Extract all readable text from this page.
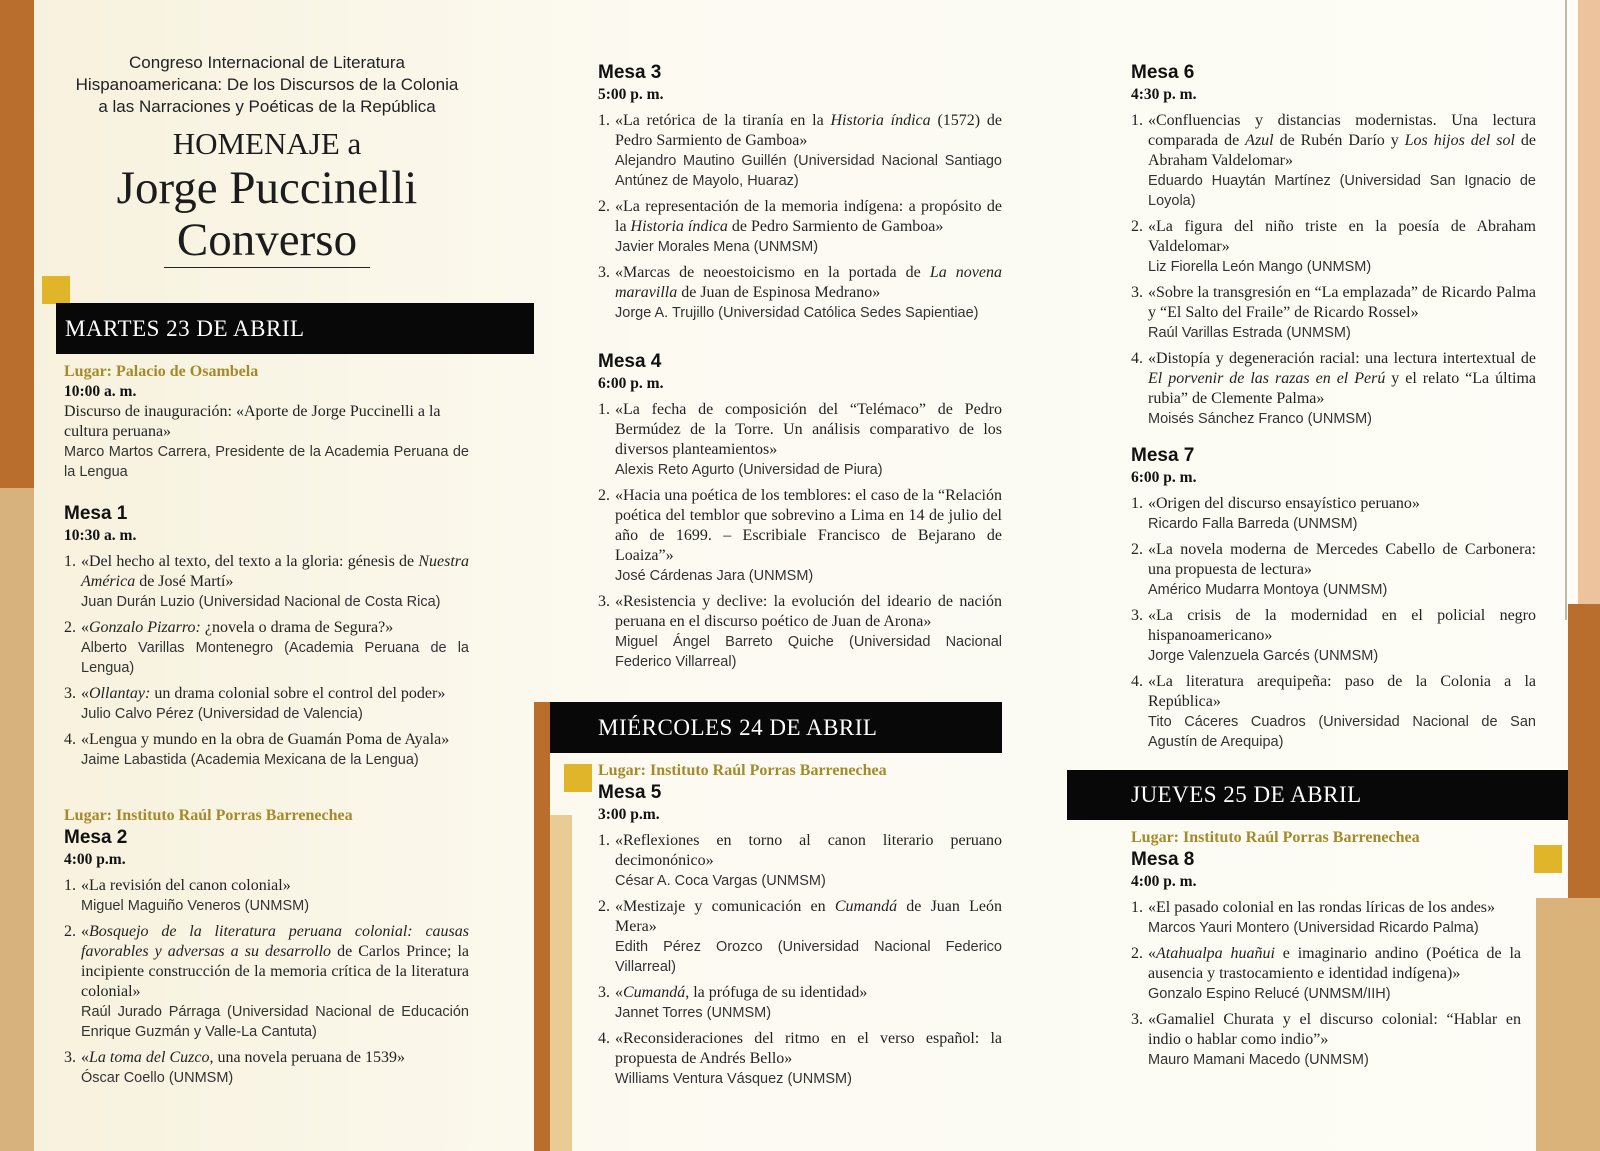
Congreso Internacional de Literatura
Hispanoamericana: De los Discursos de la Colonia
a las Narraciones y Poéticas de la República
HOMENAJE a
Jorge Puccinelli
Converso
MARTES 23 DE ABRIL
MIÉRCOLES 24 DE ABRIL
JUEVES 25 DE ABRIL
Lugar: Palacio de Osambela
10:00 a. m.
Discurso de inauguración: «Aporte de Jorge Puccinelli a la cultura peruana»
Marco Martos Carrera, Presidente de la Academia Peruana de la Lengua
Mesa 1
10:30 a. m.
1. «Del hecho al texto, del texto a la gloria: génesis de Nuestra América de José Martí»
Juan Durán Luzio (Universidad Nacional de Costa Rica)
2. «Gonzalo Pizarro: ¿novela o drama de Segura?»
Alberto Varillas Montenegro (Academia Peruana de la Lengua)
3. «Ollantay: un drama colonial sobre el control del poder»
Julio Calvo Pérez (Universidad de Valencia)
4. «Lengua y mundo en la obra de Guamán Poma de Ayala»
Jaime Labastida (Academia Mexicana de la Lengua)
Lugar: Instituto Raúl Porras Barrenechea
Mesa 2
4:00 p.m.
1. «La revisión del canon colonial»
Miguel Maguiño Veneros (UNMSM)
2. «Bosquejo de la literatura peruana colonial: causas favorables y adversas a su desarrollo de Carlos Prince; la incipiente construcción de la memoria crítica de la literatura colonial»
Raúl Jurado Párraga (Universidad Nacional de Educación Enrique Guzmán y Valle-La Cantuta)
3. «La toma del Cuzco, una novela peruana de 1539»
Óscar Coello (UNMSM)
Mesa 3
5:00 p. m.
1. «La retórica de la tiranía en la Historia índica (1572) de Pedro Sarmiento de Gamboa»
Alejandro Mautino Guillén (Universidad Nacional Santiago Antúnez de Mayolo, Huaraz)
2. «La representación de la memoria indígena: a propósito de la Historia índica de Pedro Sarmiento de Gamboa»
Javier Morales Mena (UNMSM)
3. «Marcas de neoestoicismo en la portada de La novena maravilla de Juan de Espinosa Medrano»
Jorge A. Trujillo (Universidad Católica Sedes Sapientiae)
Mesa 4
6:00 p. m.
1. «La fecha de composición del “Telémaco” de Pedro Bermúdez de la Torre. Un análisis comparativo de los diversos planteamientos»
Alexis Reto Agurto (Universidad de Piura)
2. «Hacia una poética de los temblores: el caso de la “Relación poética del temblor que sobrevino a Lima en 14 de julio del año de 1699. – Escribiale Francisco de Bejarano de Loaiza”»
José Cárdenas Jara (UNMSM)
3. «Resistencia y declive: la evolución del ideario de nación peruana en el discurso poético de Juan de Arona»
Miguel Ángel Barreto Quiche (Universidad Nacional Federico Villarreal)
Lugar: Instituto Raúl Porras Barrenechea
Mesa 5
3:00 p.m.
1. «Reflexiones en torno al canon literario peruano decimonónico»
César A. Coca Vargas (UNMSM)
2. «Mestizaje y comunicación en Cumandá de Juan León Mera»
Edith Pérez Orozco (Universidad Nacional Federico Villarreal)
3. «Cumandá, la prófuga de su identidad»
Jannet Torres (UNMSM)
4. «Reconsideraciones del ritmo en el verso español: la propuesta de Andrés Bello»
Williams Ventura Vásquez (UNMSM)
Mesa 6
4:30 p. m.
1. «Confluencias y distancias modernistas. Una lectura comparada de Azul de Rubén Darío y Los hijos del sol de Abraham Valdelomar»
Eduardo Huaytán Martínez (Universidad San Ignacio de Loyola)
2. «La figura del niño triste en la poesía de Abraham Valdelomar»
Liz Fiorella León Mango (UNMSM)
3. «Sobre la transgresión en “La emplazada” de Ricardo Palma y “El Salto del Fraile” de Ricardo Rossel»
Raúl Varillas Estrada (UNMSM)
4. «Distopía y degeneración racial: una lectura intertextual de El porvenir de las razas en el Perú y el relato “La última rubia” de Clemente Palma»
Moisés Sánchez Franco (UNMSM)
Mesa 7
6:00 p. m.
1. «Origen del discurso ensayístico peruano»
Ricardo Falla Barreda (UNMSM)
2. «La novela moderna de Mercedes Cabello de Carbonera: una propuesta de lectura»
Américo Mudarra Montoya (UNMSM)
3. «La crisis de la modernidad en el policial negro hispanoamericano»
Jorge Valenzuela Garcés (UNMSM)
4. «La literatura arequipeña: paso de la Colonia a la República»
Tito Cáceres Cuadros (Universidad Nacional de San Agustín de Arequipa)
Lugar: Instituto Raúl Porras Barrenechea
Mesa 8
4:00 p. m.
1. «El pasado colonial en las rondas líricas de los andes»
Marcos Yauri Montero (Universidad Ricardo Palma)
2. «Atahualpa huañui e imaginario andino (Poética de la ausencia y trastocamiento e identidad indígena)»
Gonzalo Espino Relucé (UNMSM/IIH)
3. «Gamaliel Churata y el discurso colonial: “Hablar en indio o hablar como indio”»
Mauro Mamani Macedo (UNMSM)
